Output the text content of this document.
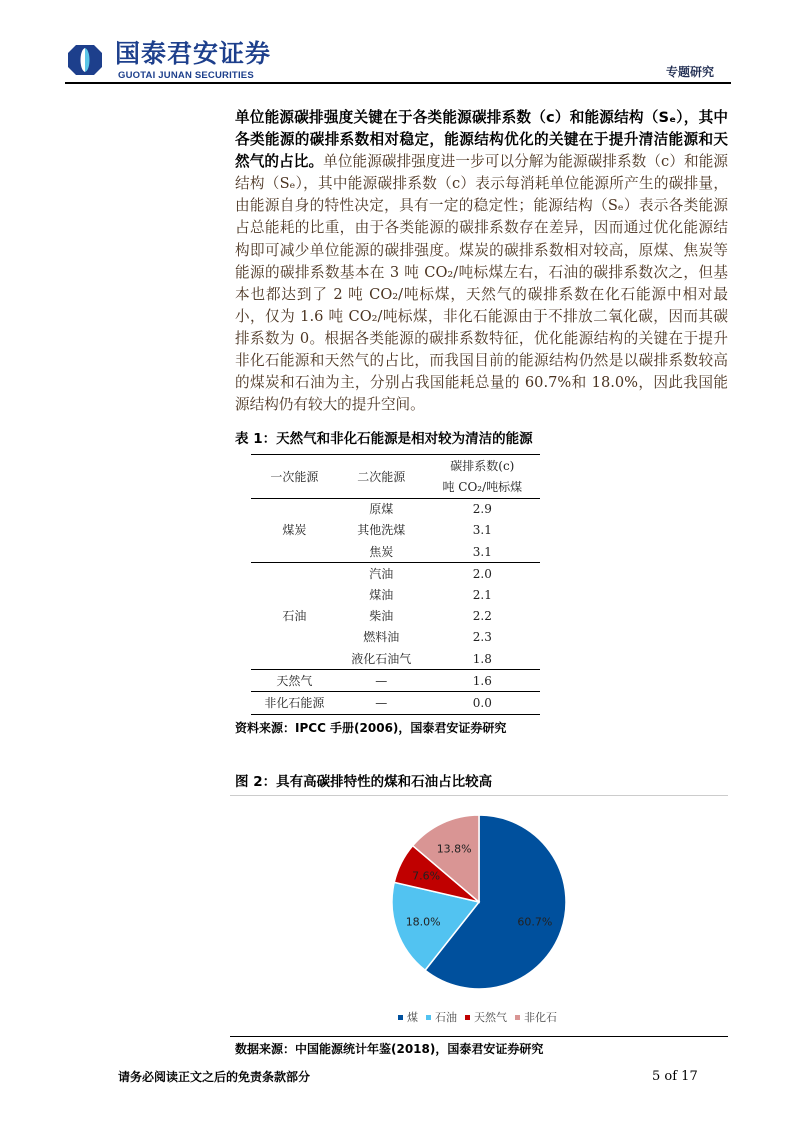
国泰君安证券
GUOTAI JUNAN SECURITIES	专题研究
单位能源碳排强度关键在于各类能源碳排系数（c）和能源结构（Sₑ），其中各类能源的碳排系数相对稳定，能源结构优化的关键在于提升清洁能源和天然气的占比。单位能源碳排强度进一步可以分解为能源碳排系数（c）和能源结构（Sₑ），其中能源碳排系数（c）表示每消耗单位能源所产生的碳排量，由能源自身的特性决定，具有一定的稳定性；能源结构（Sₑ）表示各类能源占总能耗的比重，由于各类能源的碳排系数存在差异，因而通过优化能源结构即可减少单位能源的碳排强度。煤炭的碳排系数相对较高，原煤、焦炭等能源的碳排系数基本在 3 吨 CO₂/吨标煤左右，石油的碳排系数次之，但基本也都达到了 2 吨 CO₂/吨标煤，天然气的碳排系数在化石能源中相对最小，仅为 1.6 吨 CO₂/吨标煤，非化石能源由于不排放二氧化碳，因而其碳排系数为 0。根据各类能源的碳排系数特征，优化能源结构的关键在于提升非化石能源和天然气的占比，而我国目前的能源结构仍然是以碳排系数较高的煤炭和石油为主，分别占我国能耗总量的 60.7%和 18.0%，因此我国能源结构仍有较大的提升空间。
表 1：天然气和非化石能源是相对较为清洁的能源
一次能源	二次能源	碳排系数(c)
		吨 CO₂/吨标煤
煤炭	原煤	2.9
	其他洗煤	3.1
	焦炭	3.1
石油	汽油	2.0
	煤油	2.1
	柴油	2.2
	燃料油	2.3
	液化石油气	1.8
天然气	—	1.6
非化石能源	—	0.0
资料来源：IPCC 手册(2006)，国泰君安证券研究
图 2：具有高碳排特性的煤和石油占比较高
60.7%
18.0%
7.6%
13.8%
煤	石油	天然气	非化石
数据来源：中国能源统计年鉴(2018)，国泰君安证券研究
请务必阅读正文之后的免责条款部分	5 of 17
